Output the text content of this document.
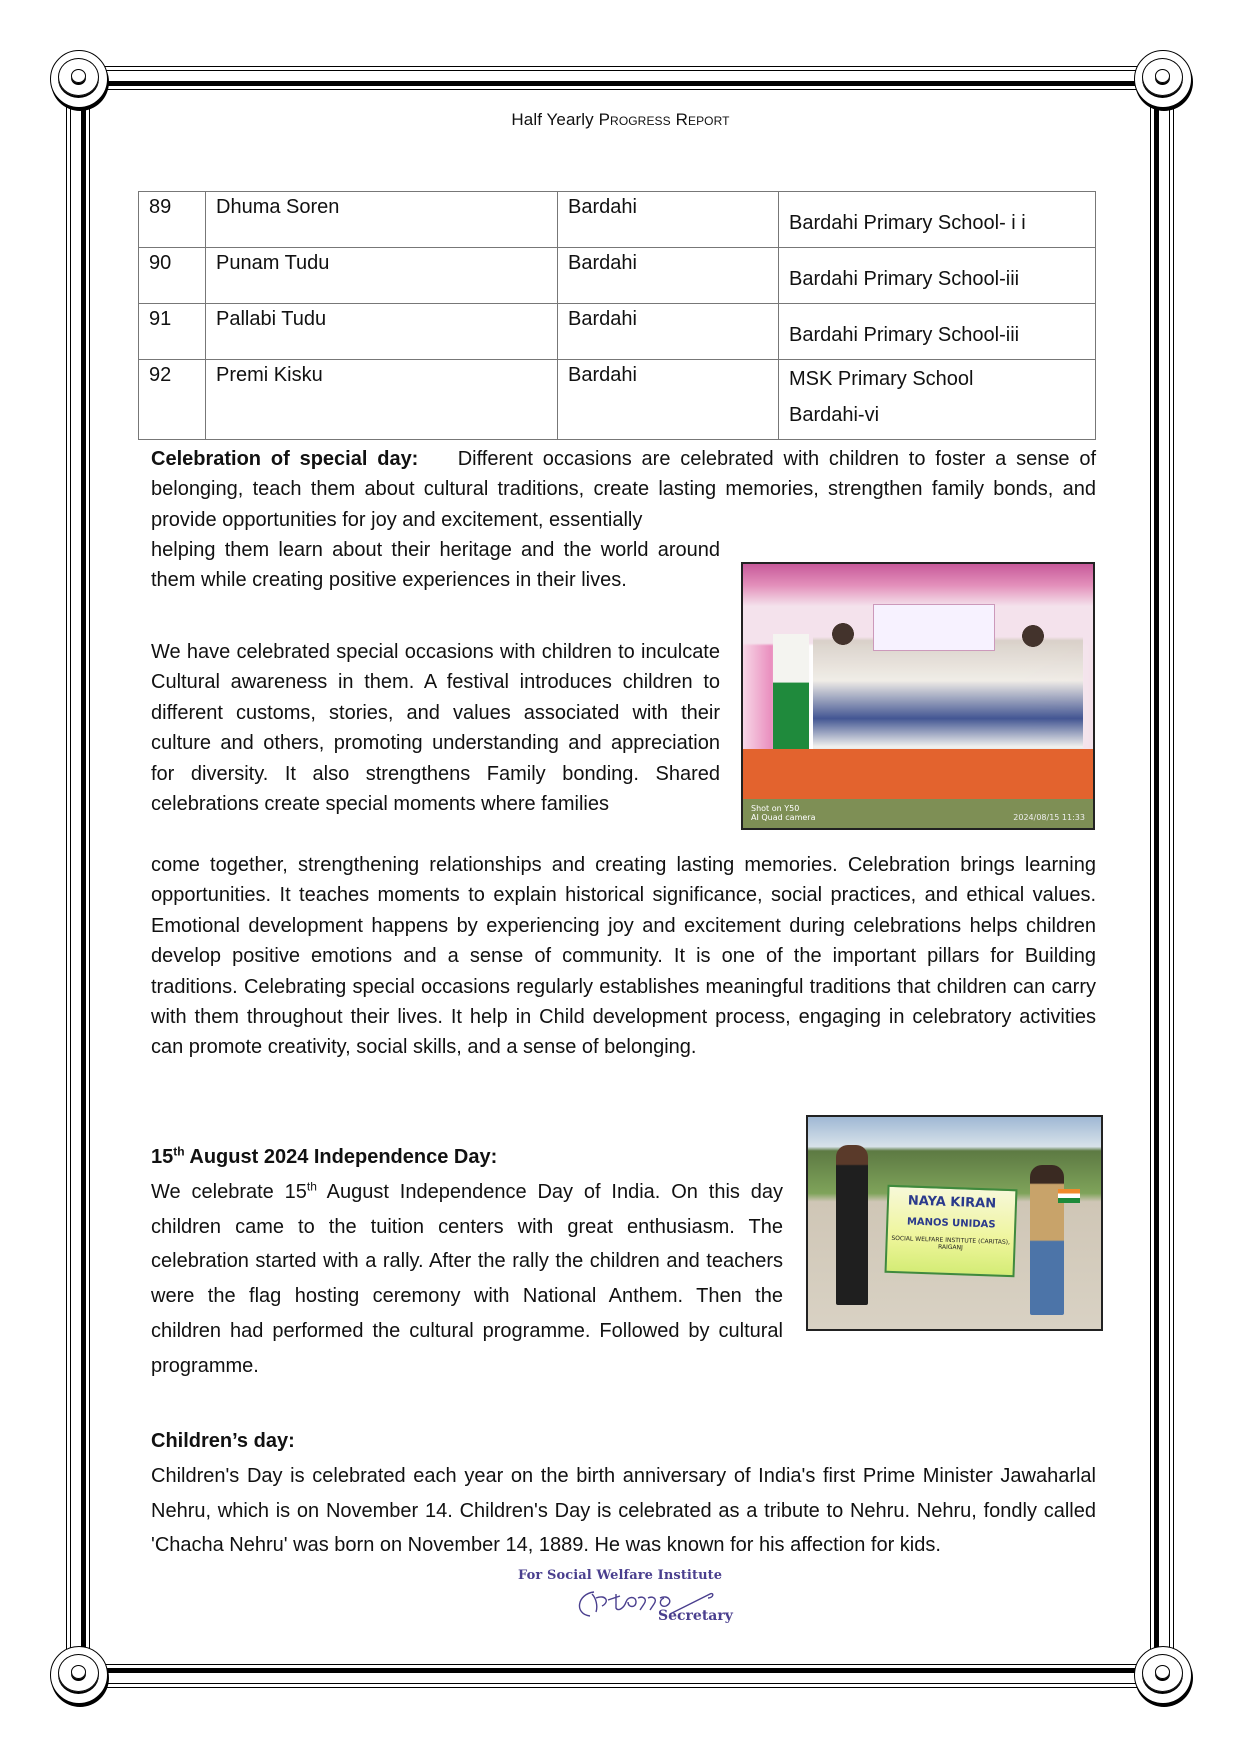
Half Yearly Progress Report
89	Dhuma Soren	Bardahi	Bardahi Primary School- i i
90	Punam Tudu	Bardahi	Bardahi Primary School-iii
91	Pallabi Tudu	Bardahi	Bardahi Primary School-iii
92	Premi Kisku	Bardahi	MSK Primary School
Bardahi-vi

Celebration of special day: Different occasions are celebrated with children to foster a sense of belonging, teach them about cultural traditions, create lasting memories, strengthen family bonds, and provide opportunities for joy and excitement, essentially

helping them learn about their heritage and the world around them while creating positive experiences in their lives.

We have celebrated special occasions with children to inculcate Cultural awareness in them. A festival introduces children to different customs, stories, and values associated with their culture and others, promoting understanding and appreciation for diversity. It also strengthens Family bonding. Shared celebrations create special moments where families

come together, strengthening relationships and creating lasting memories. Celebration brings learning opportunities. It teaches moments to explain historical significance, social practices, and ethical values. Emotional development happens by experiencing joy and excitement during celebrations helps children develop positive emotions and a sense of community. It is one of the important pillars for Building traditions. Celebrating special occasions regularly establishes meaningful traditions that children can carry with them throughout their lives. It help in Child development process, engaging in celebratory activities can promote creativity, social skills, and a sense of belonging.

Shot on Y50
AI Quad camera	2024/08/15 11:33

15th August 2024 Independence Day:

We celebrate 15th August Independence Day of India. On this day children came to the tuition centers with great enthusiasm. The celebration started with a rally. After the rally the children and teachers were the flag hosting ceremony with National Anthem. Then the children had performed the cultural programme. Followed by cultural programme.

NAYA KIRAN
MANOS UNIDAS
SOCIAL WELFARE INSTITUTE (CARITAS), RAIGANJ

Children’s day:

Children's Day is celebrated each year on the birth anniversary of India's first Prime Minister Jawaharlal Nehru, which is on November 14. Children's Day is celebrated as a tribute to Nehru. Nehru, fondly called 'Chacha Nehru' was born on November 14, 1889. He was known for his affection for kids.

For Social Welfare Institute
Secretary
